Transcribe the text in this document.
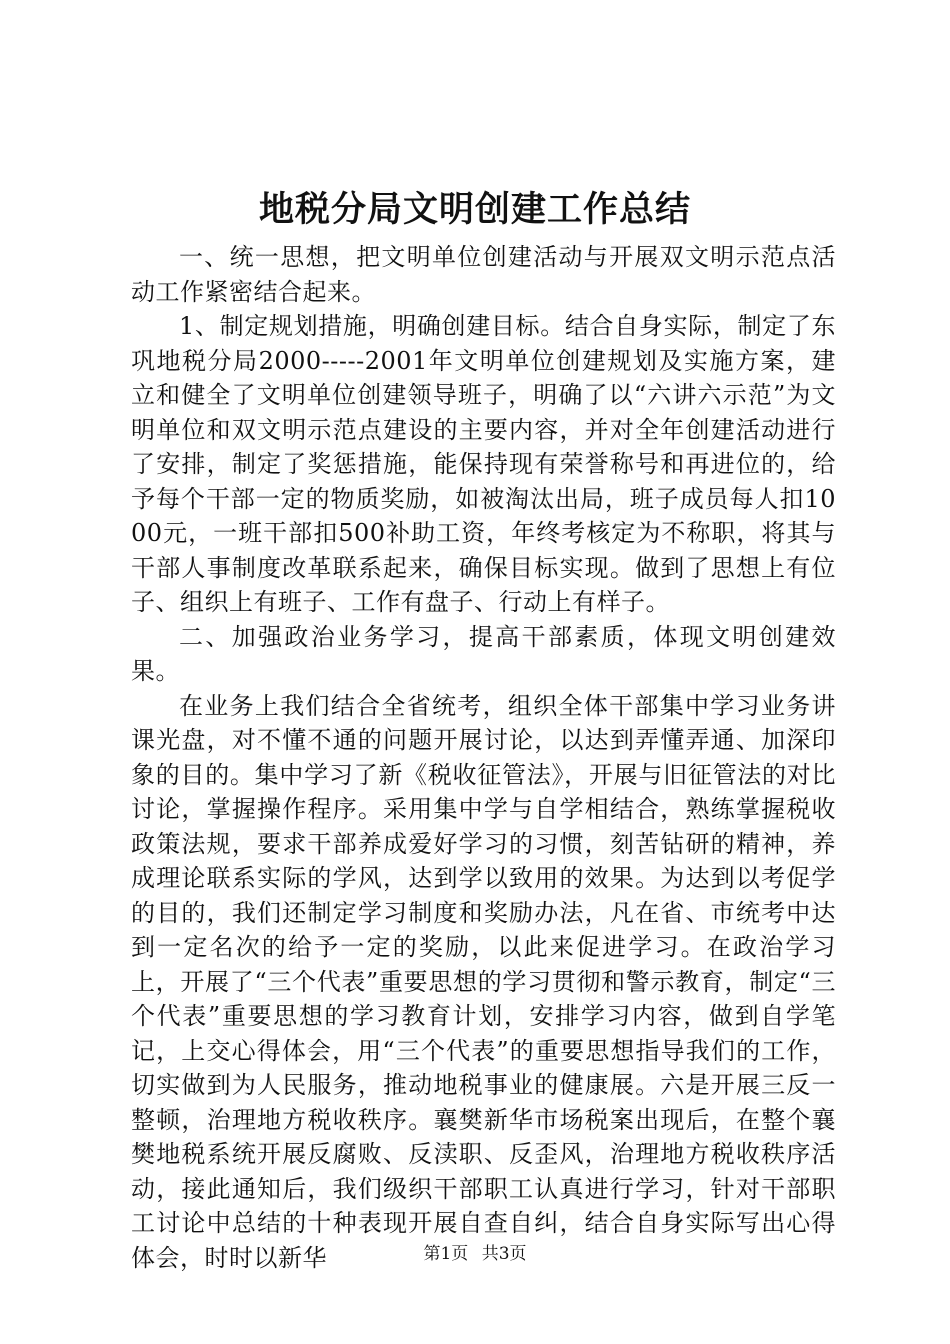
地税分局文明创建工作总结

一、统一思想，把文明单位创建活动与开展双文明示范点活动工作紧密结合起来。

1、制定规划措施，明确创建目标。结合自身实际，制定了东巩地税分局2000-----2001年文明单位创建规划及实施方案，建立和健全了文明单位创建领导班子，明确了以“六讲六示范”为文明单位和双文明示范点建设的主要内容，并对全年创建活动进行了安排，制定了奖惩措施，能保持现有荣誉称号和再进位的，给予每个干部一定的物质奖励，如被淘汰出局，班子成员每人扣1000元，一班干部扣500补助工资，年终考核定为不称职，将其与干部人事制度改革联系起来，确保目标实现。做到了思想上有位子、组织上有班子、工作有盘子、行动上有样子。

二、加强政治业务学习，提高干部素质，体现文明创建效果。

在业务上我们结合全省统考，组织全体干部集中学习业务讲课光盘，对不懂不通的问题开展讨论，以达到弄懂弄通、加深印象的目的。集中学习了新《税收征管法》，开展与旧征管法的对比讨论，掌握操作程序。采用集中学与自学相结合，熟练掌握税收政策法规，要求干部养成爱好学习的习惯，刻苦钻研的精神，养成理论联系实际的学风，达到学以致用的效果。为达到以考促学的目的，我们还制定学习制度和奖励办法，凡在省、市统考中达到一定名次的给予一定的奖励，以此来促进学习。在政治学习上，开展了“三个代表”重要思想的学习贯彻和警示教育，制定“三个代表”重要思想的学习教育计划，安排学习内容，做到自学笔记，上交心得体会，用“三个代表”的重要思想指导我们的工作，切实做到为人民服务，推动地税事业的健康展。六是开展三反一整顿，治理地方税收秩序。襄樊新华市场税案出现后，在整个襄樊地税系统开展反腐败、反渎职、反歪风，治理地方税收秩序活动，接此通知后，我们级织干部职工认真进行学习，针对干部职工讨论中总结的十种表现开展自查自纠，结合自身实际写出心得体会，时时以新华	第1页 共3页
